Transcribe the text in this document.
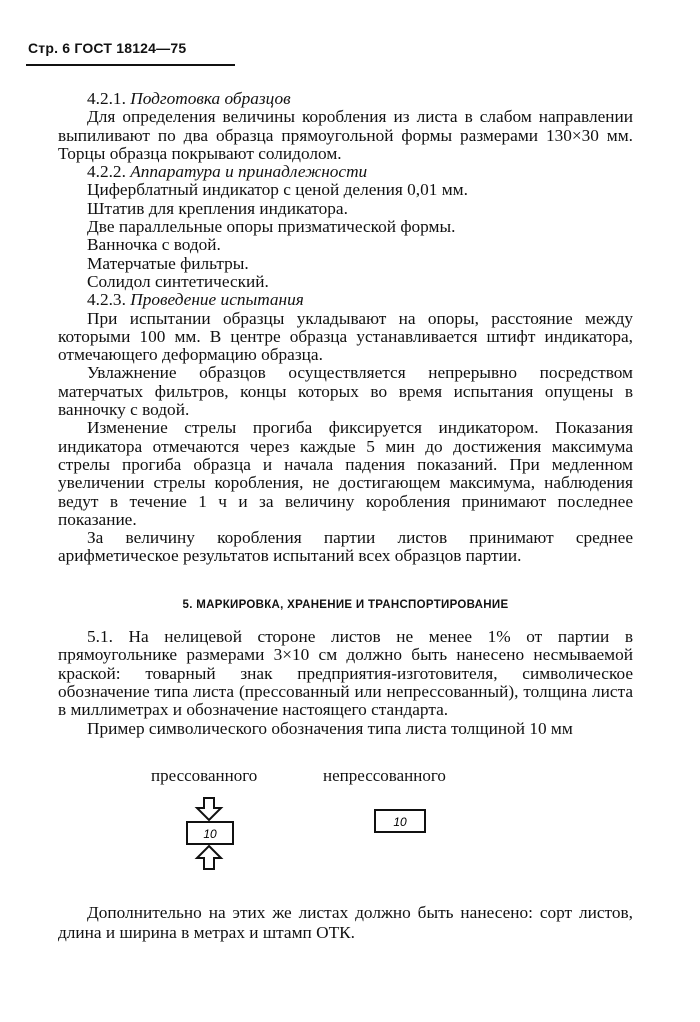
Стр. 6 ГОСТ 18124—75

4.2.1. Подготовка образцов

Для определения величины коробления из листа в слабом направлении выпиливают по два образца прямоугольной формы размерами 130×30 мм. Торцы образца покрывают солидолом.

4.2.2. Аппаратура и принадлежности

Циферблатный индикатор с ценой деления 0,01 мм.

Штатив для крепления индикатора.

Две параллельные опоры призматической формы.

Ванночка с водой.

Матерчатые фильтры.

Солидол синтетический.

4.2.3. Проведение испытания

При испытании образцы укладывают на опоры, расстояние между которыми 100 мм. В центре образца устанавливается штифт индикатора, отмечающего деформацию образца.

Увлажнение образцов осуществляется непрерывно посредством матерчатых фильтров, концы которых во время испытания опущены в ванночку с водой.

Изменение стрелы прогиба фиксируется индикатором. Показания индикатора отмечаются через каждые 5 мин до достижения максимума стрелы прогиба образца и начала падения показаний. При медленном увеличении стрелы коробления, не достигающем максимума, наблюдения ведут в течение 1 ч и за величину коробления принимают последнее показание.

За величину коробления партии листов принимают среднее арифметическое результатов испытаний всех образцов партии.

5. МАРКИРОВКА, ХРАНЕНИЕ И ТРАНСПОРТИРОВАНИЕ

5.1. На нелицевой стороне листов не менее 1% от партии в прямоугольнике размерами 3×10 см должно быть нанесено несмываемой краской: товарный знак предприятия-изготовителя, символическое обозначение типа листа (прессованный или непрессованный), толщина листа в миллиметрах и обозначение настоящего стандарта.

Пример символического обозначения типа листа толщиной 10 мм

прессованного	непрессованного
10
10

Дополнительно на этих же листах должно быть нанесено: сорт листов, длина и ширина в метрах и штамп ОТК.
